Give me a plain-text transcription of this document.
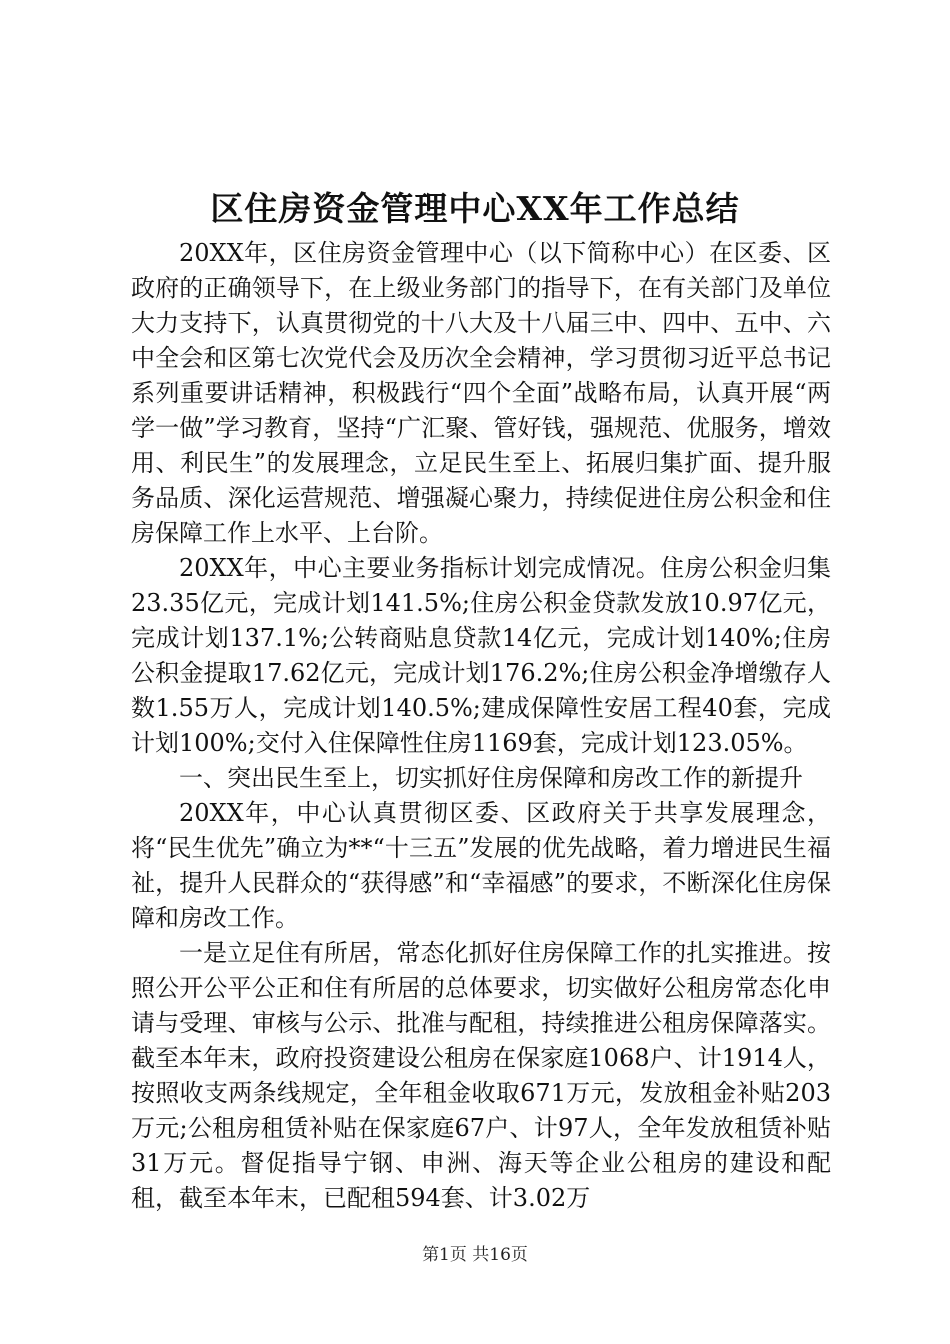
区住房资金管理中心XX年工作总结

20XX年，区住房资金管理中心（以下简称中心）在区委、区政府的正确领导下，在上级业务部门的指导下，在有关部门及单位大力支持下，认真贯彻党的十八大及十八届三中、四中、五中、六中全会和区第七次党代会及历次全会精神，学习贯彻习近平总书记系列重要讲话精神，积极践行“四个全面”战略布局，认真开展“两学一做”学习教育，坚持“广汇聚、管好钱，强规范、优服务，增效用、利民生”的发展理念，立足民生至上、拓展归集扩面、提升服务品质、深化运营规范、增强凝心聚力，持续促进住房公积金和住房保障工作上水平、上台阶。

20XX年，中心主要业务指标计划完成情况。住房公积金归集23.35亿元，完成计划141.5%;住房公积金贷款发放10.97亿元，完成计划137.1%;公转商贴息贷款14亿元，完成计划140%;住房公积金提取17.62亿元，完成计划176.2%;住房公积金净增缴存人数1.55万人，完成计划140.5%;建成保障性安居工程40套，完成计划100%;交付入住保障性住房1169套，完成计划123.05%。

一、突出民生至上，切实抓好住房保障和房改工作的新提升

20XX年，中心认真贯彻区委、区政府关于共享发展理念，将“民生优先”确立为**“十三五”发展的优先战略，着力增进民生福祉，提升人民群众的“获得感”和“幸福感”的要求，不断深化住房保障和房改工作。

一是立足住有所居，常态化抓好住房保障工作的扎实推进。按照公开公平公正和住有所居的总体要求，切实做好公租房常态化申请与受理、审核与公示、批准与配租，持续推进公租房保障落实。截至本年末，政府投资建设公租房在保家庭1068户、计1914人，按照收支两条线规定，全年租金收取671万元，发放租金补贴203万元;公租房租赁补贴在保家庭67户、计97人，全年发放租赁补贴31万元。督促指导宁钢、申洲、海天等企业公租房的建设和配租，截至本年末，已配租594套、计3.02万

第1页 共16页
